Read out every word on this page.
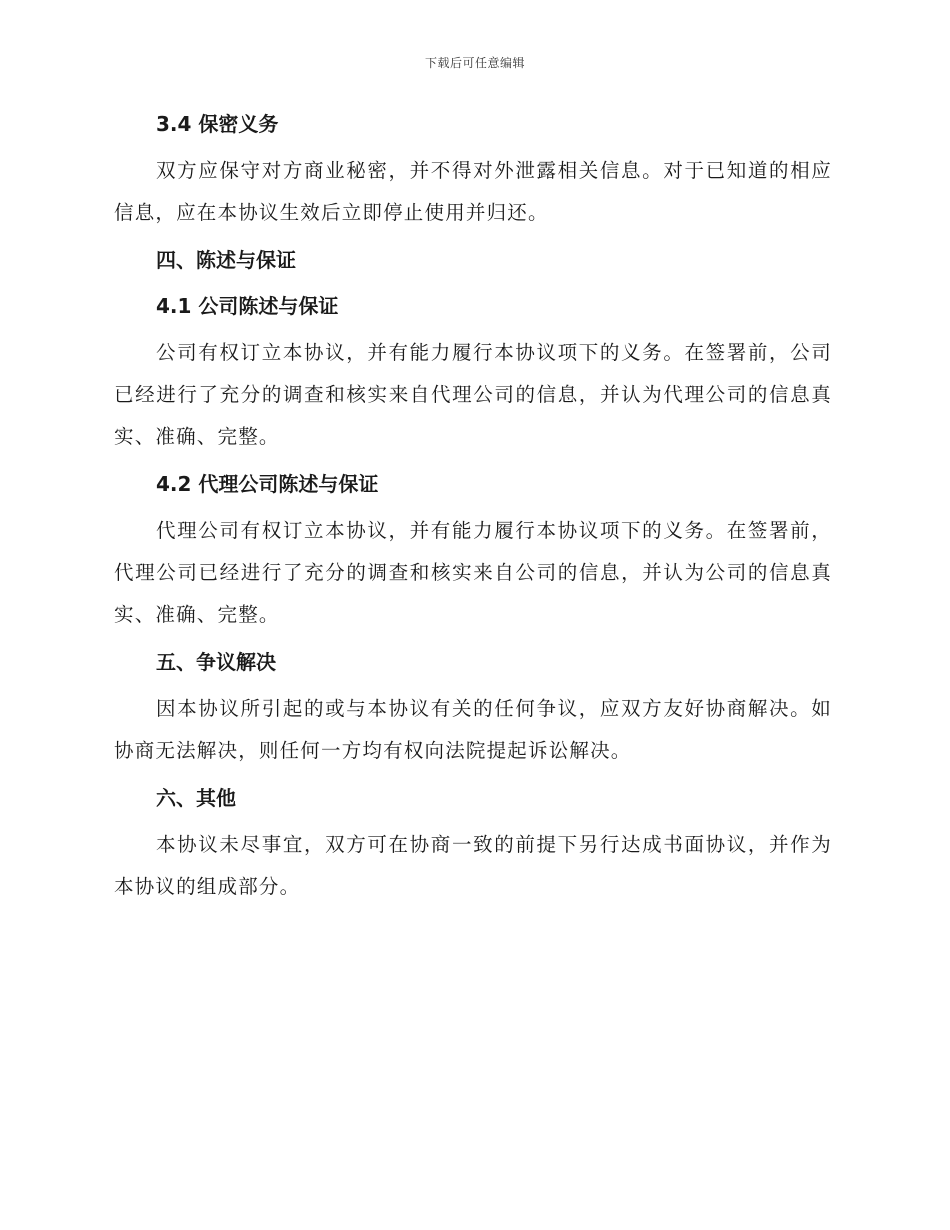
下载后可任意编辑
3.4 保密义务

双方应保守对方商业秘密，并不得对外泄露相关信息。对于已知道的相应信息，应在本协议生效后立即停止使用并归还。

四、陈述与保证
4.1 公司陈述与保证

公司有权订立本协议，并有能力履行本协议项下的义务。在签署前，公司已经进行了充分的调查和核实来自代理公司的信息，并认为代理公司的信息真实、准确、完整。

4.2 代理公司陈述与保证

代理公司有权订立本协议，并有能力履行本协议项下的义务。在签署前，代理公司已经进行了充分的调查和核实来自公司的信息，并认为公司的信息真实、准确、完整。

五、争议解决

因本协议所引起的或与本协议有关的任何争议，应双方友好协商解决。如协商无法解决，则任何一方均有权向法院提起诉讼解决。

六、其他

本协议未尽事宜，双方可在协商一致的前提下另行达成书面协议，并作为本协议的组成部分。
